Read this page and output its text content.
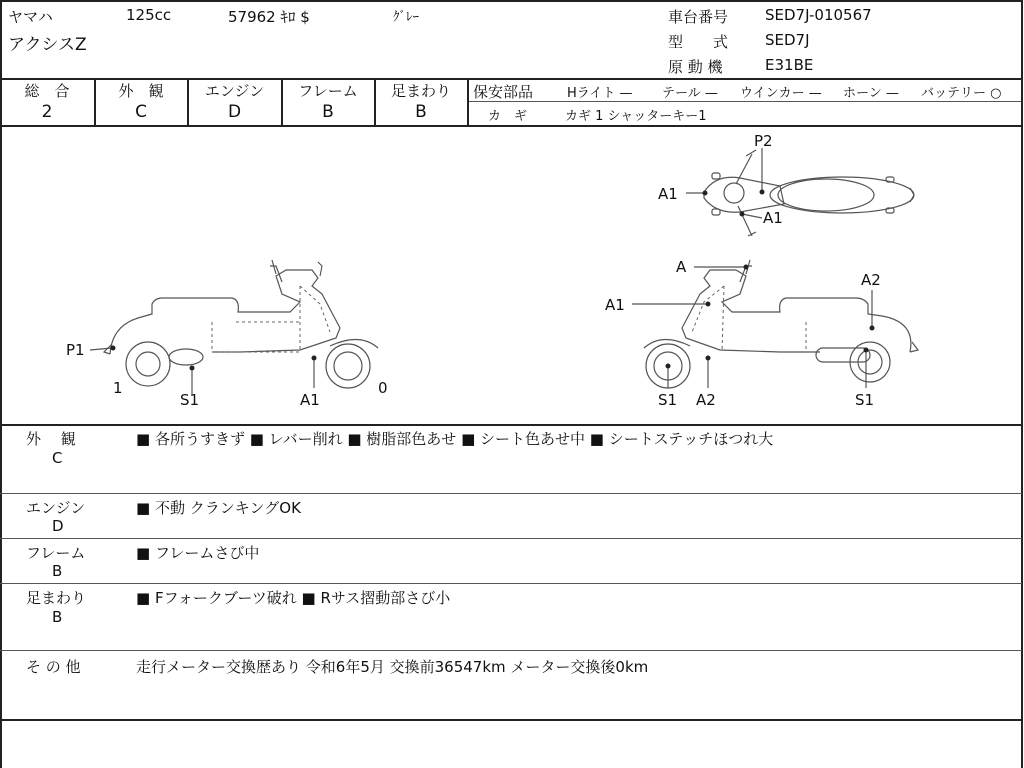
ヤマハ	125cc	57962 ｷﾛ $	ｸﾞﾚｰ
アクシスZ
車台番号 SED7J-010567
型　　式 SED7J
原 動 機	E31BE
総　合
2
外　観
C
エンジン
D
フレーム
B
足まわり
B
保安部品	Hライト — テール — ウインカー — ホーン — バッテリー ○
カ　ギ	カギ 1 シャッターキー1
P1
1
S1	A1
0
P2
A1
A1
A
A1
A2
S1 A2	S1
外　 観
C
■ 各所うすきず ■ レバー削れ ■ 樹脂部色あせ ■ シート色あせ中 ■ シートステッチほつれ大
エンジン
D
■ 不動 クランキングOK
フレーム
B
■ フレームさび中
足まわり
B
■ Fフォークブーツ破れ ■ Rサス摺動部さび小
そ の 他	走行メーター交換歴あり 令和6年5月 交換前36547km メーター交換後0km
